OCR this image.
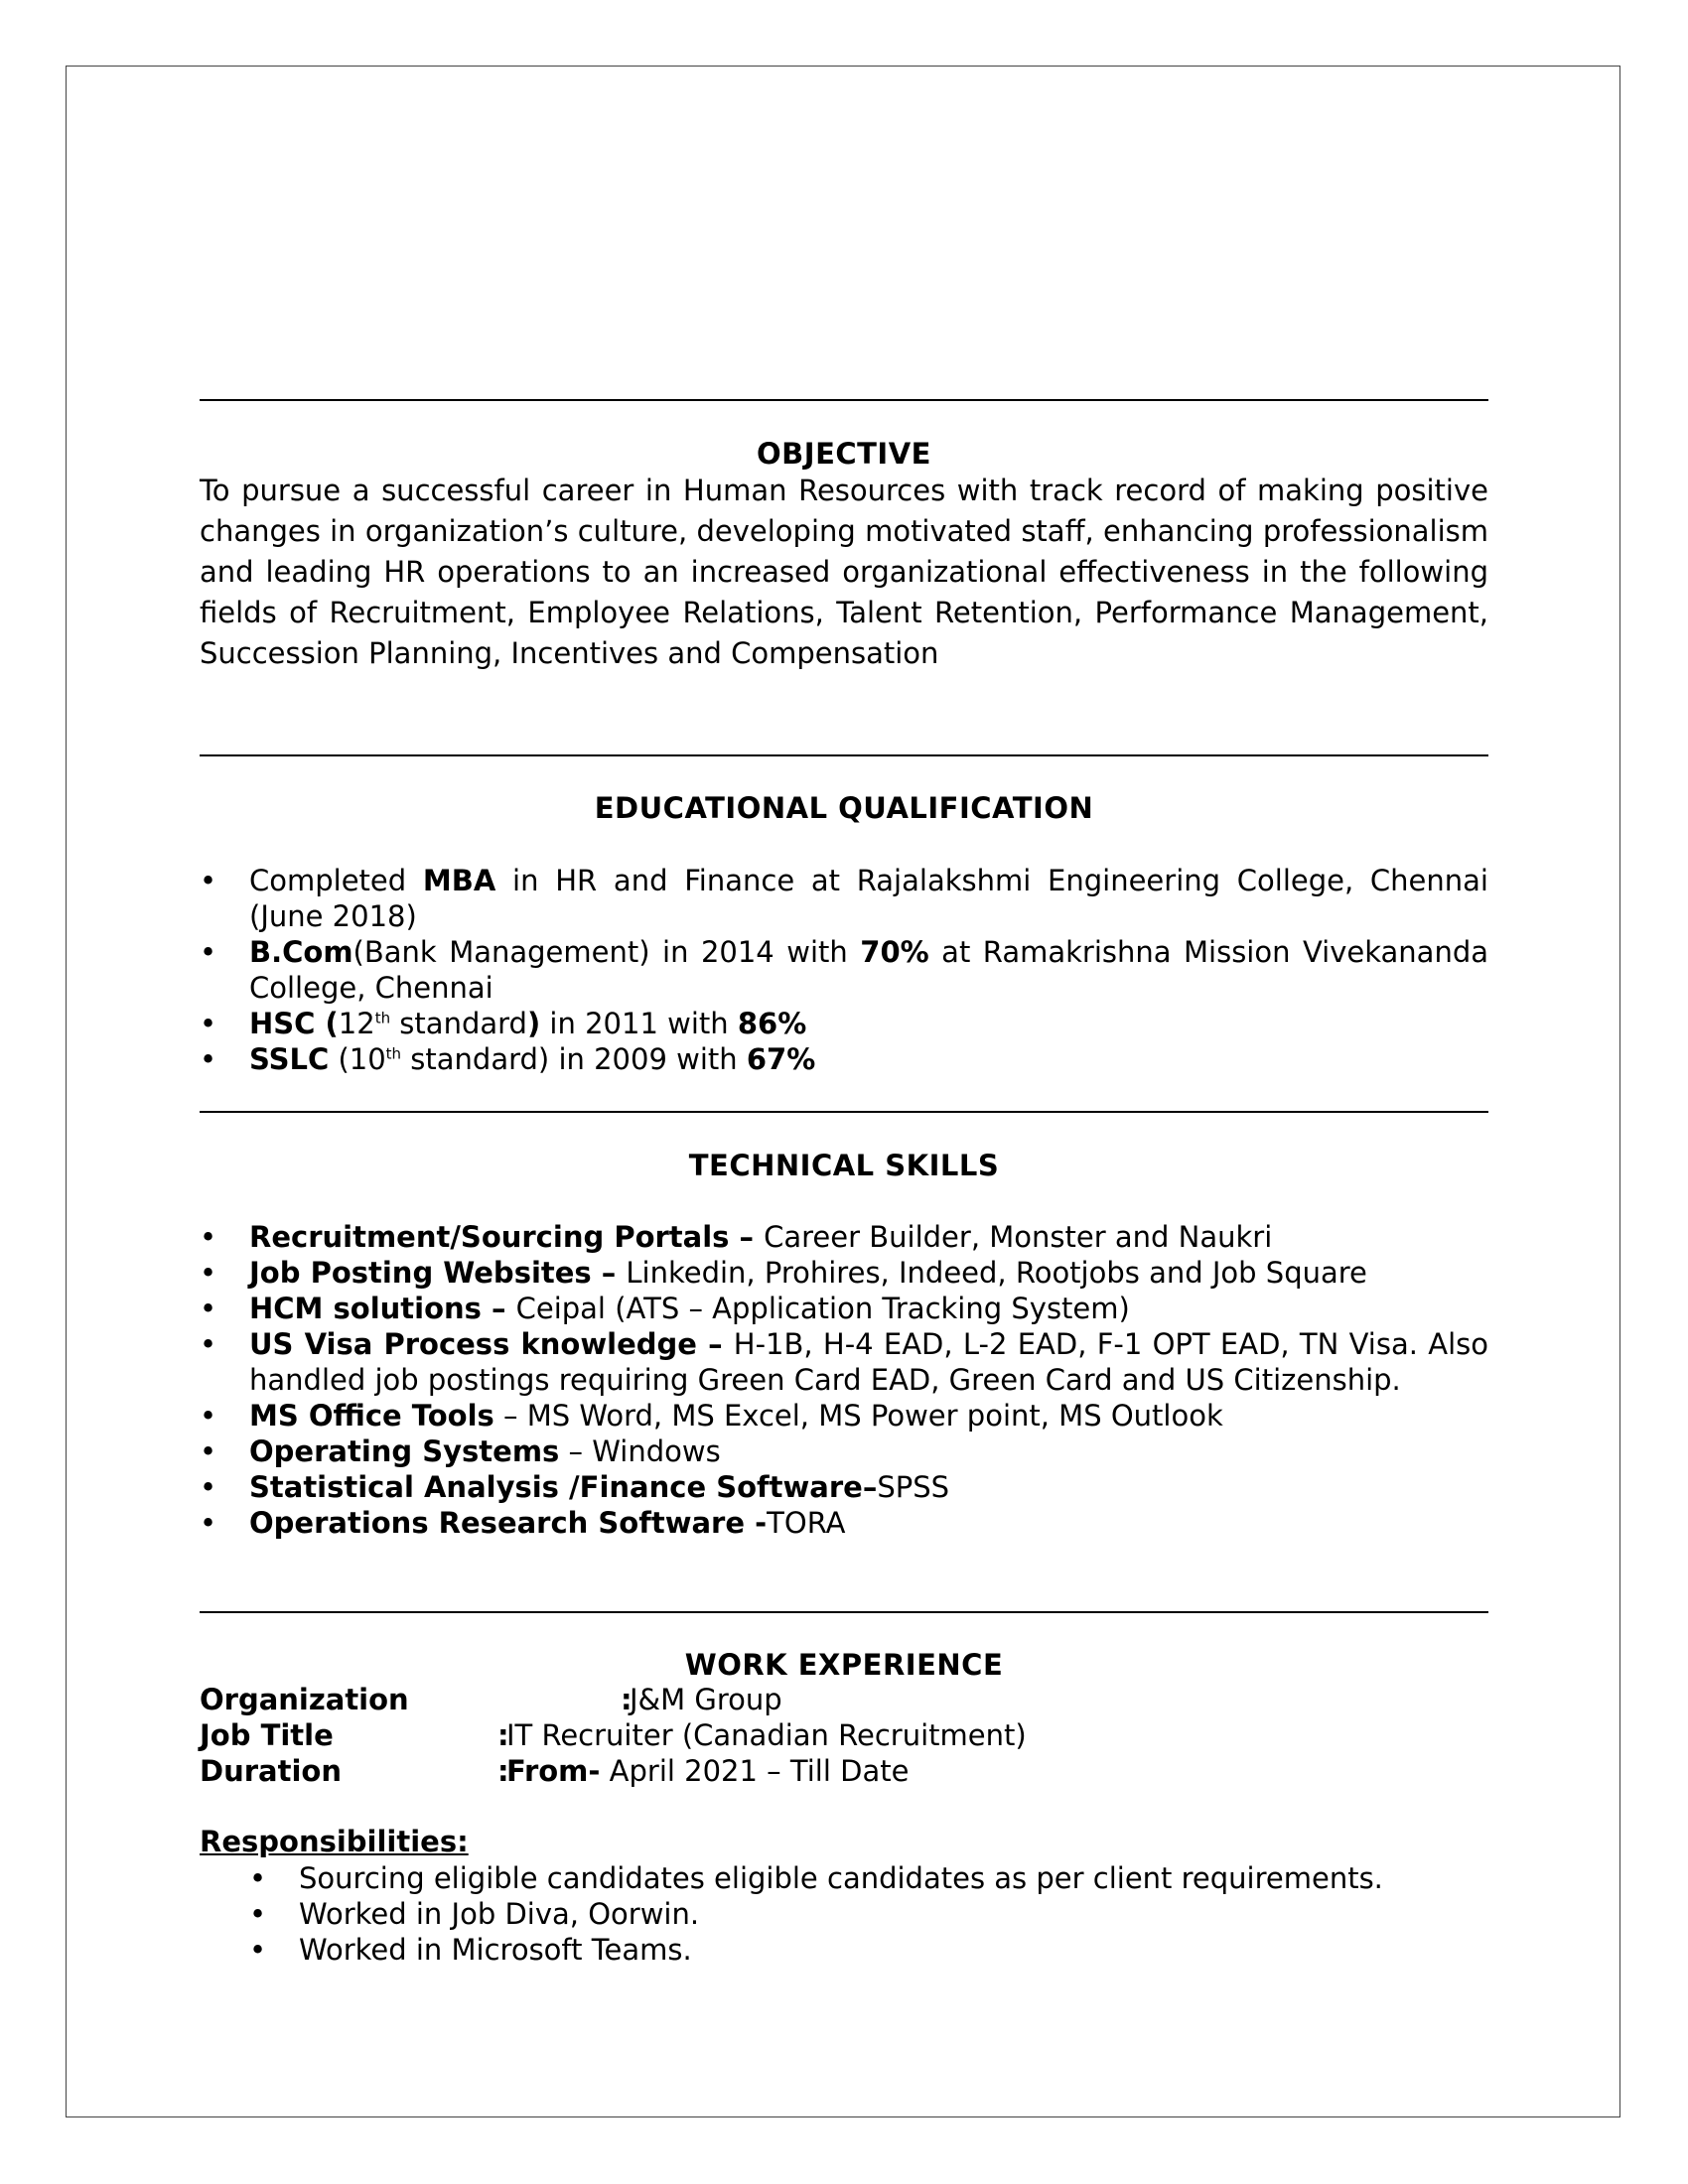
OBJECTIVE

To pursue a successful career in Human Resources with track record of making positive changes in organization’s culture, developing motivated staff, enhancing professionalism and leading HR operations to an increased organizational effectiveness in the following fields of Recruitment, Employee Relations, Talent Retention, Performance Management, Succession Planning, Incentives and Compensation

EDUCATIONAL QUALIFICATION
• Completed MBA in HR and Finance at Rajalakshmi Engineering College, Chennai (June 2018)
• B.Com(Bank Management) in 2014 with 70% at Ramakrishna Mission Vivekananda College, Chennai
• HSC (12th standard) in 2011 with 86%
• SSLC (10th standard) in 2009 with 67%
TECHNICAL SKILLS
• Recruitment/Sourcing Portals – Career Builder, Monster and Naukri
• Job Posting Websites – Linkedin, Prohires, Indeed, Rootjobs and Job Square
• HCM solutions – Ceipal (ATS – Application Tracking System)
• US Visa Process knowledge – H-1B, H-4 EAD, L-2 EAD, F-1 OPT EAD, TN Visa. Also handled job postings requiring Green Card EAD, Green Card and US Citizenship.
• MS Office Tools – MS Word, MS Excel, MS Power point, MS Outlook
• Operating Systems – Windows
• Statistical Analysis /Finance Software–SPSS
• Operations Research Software -TORA
WORK EXPERIENCE
Organization	:
J&M Group
Job Title	:
IT Recruiter (Canadian Recruitment)
Duration	:
From- April 2021 – Till Date
Responsibilities:
• Sourcing eligible candidates eligible candidates as per client requirements.
• Worked in Job Diva, Oorwin.
• Worked in Microsoft Teams.
